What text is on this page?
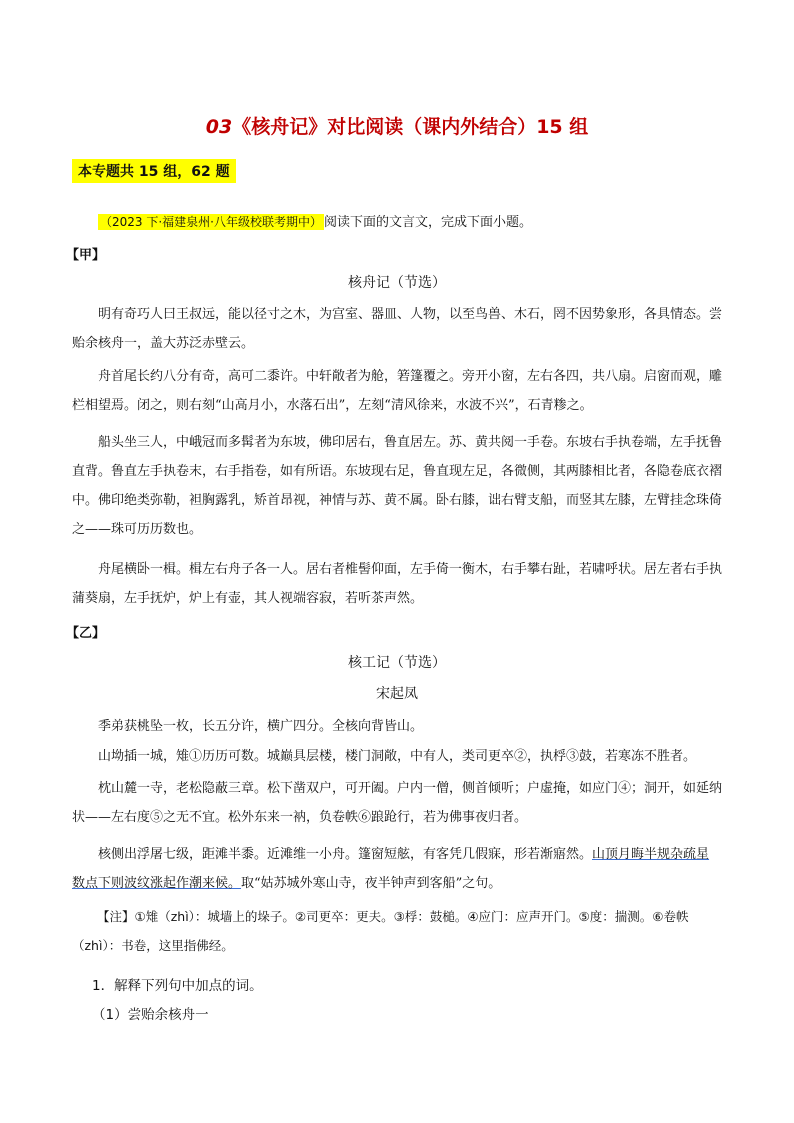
03《核舟记》对比阅读（课内外结合）15 组
本专题共 15 组，62 题

（2023 下·福建泉州·八年级校联考期中） 阅读下面的文言文，完成下面小题。

【甲】
核舟记（节选）

明有奇巧人曰王叔远，能以径寸之木，为宫室、器皿、人物，以至鸟兽、木石，罔不因势象形，各具情态。尝贻余核舟一，盖大苏泛赤壁云。

舟首尾长约八分有奇，高可二黍许。中轩敞者为舱，箬篷覆之。旁开小窗，左右各四，共八扇。启窗而观，雕栏相望焉。闭之，则右刻“山高月小，水落石出”，左刻“清风徐来，水波不兴”，石青糁之。

船头坐三人，中峨冠而多髯者为东坡，佛印居右，鲁直居左。苏、黄共阅一手卷。东坡右手执卷端，左手抚鲁直背。鲁直左手执卷末，右手指卷，如有所语。东坡现右足，鲁直现左足，各微侧，其两膝相比者，各隐卷底衣褶中。佛印绝类弥勒，袒胸露乳，矫首昂视，神情与苏、黄不属。卧右膝，诎右臂支船，而竖其左膝，左臂挂念珠倚之——珠可历历数也。

舟尾横卧一楫。楫左右舟子各一人。居右者椎髻仰面，左手倚一衡木，右手攀右趾，若啸呼状。居左者右手执蒲葵扇，左手抚炉，炉上有壶，其人视端容寂，若听茶声然。

【乙】
核工记（节选）
宋起凤

季弟获桃坠一枚，长五分许，横广四分。全核向背皆山。

山坳插一城，雉①历历可数。城巅具层楼，楼门洞敞，中有人，类司更卒②，执桴③鼓，若寒冻不胜者。

枕山麓一寺，老松隐蔽三章。松下凿双户，可开阖。户内一僧，侧首倾听；户虚掩，如应门④；洞开，如延纳状——左右度⑤之无不宜。松外东来一衲，负卷帙⑥踉跄行，若为佛事夜归者。

核侧出浮屠七级，距滩半黍。近滩维一小舟。篷窗短舷，有客凭几假寐，形若渐寤然。山顶月晦半规杂疏星数点下则波纹涨起作潮来候。取“姑苏城外寒山寺，夜半钟声到客船”之句。

【注】①雉（zhì）：城墙上的垛子。②司更卒：更夫。③桴：鼓槌。④应门：应声开门。⑤度：揣测。⑥卷帙（zhì）：书卷，这里指佛经。

1．解释下列句中加点的词。
（1）尝贻余核舟一
